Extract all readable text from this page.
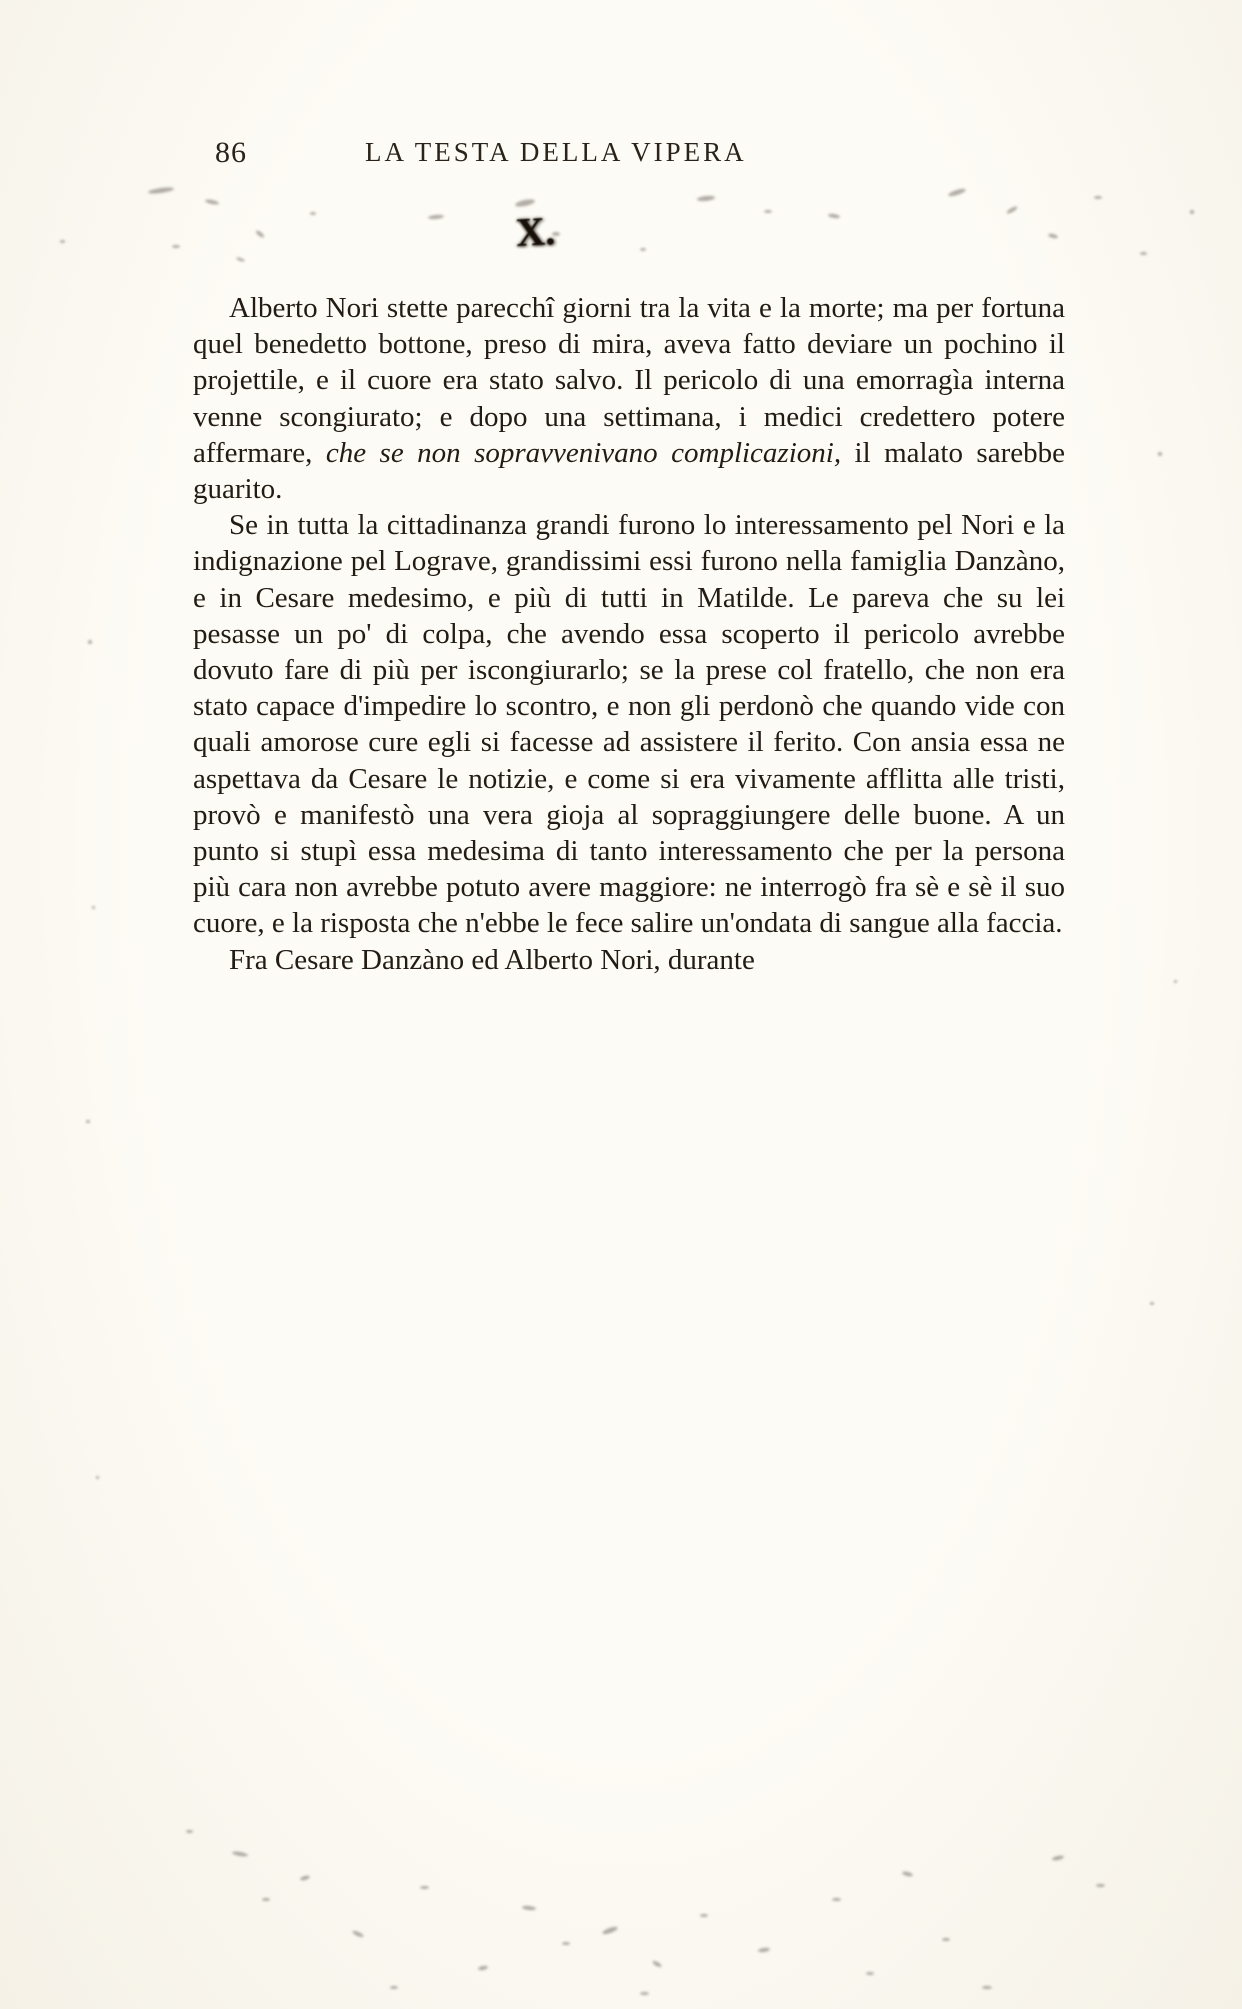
86	LA TESTA DELLA VIPERA
X.

Alberto Nori stette parecchî giorni tra la vita e la morte; ma per fortuna quel benedetto bottone, preso di mira, aveva fatto deviare un pochino il projettile, e il cuore era stato salvo. Il pericolo di una emorragìa interna venne scongiurato; e dopo una settimana, i medici credettero potere affermare, che se non sopravvenivano complicazioni, il malato sarebbe guarito.

Se in tutta la cittadinanza grandi furono lo interessamento pel Nori e la indignazione pel Lograve, grandissimi essi furono nella famiglia Danzàno, e in Cesare medesimo, e più di tutti in Matilde. Le pareva che su lei pesasse un po' di colpa, che avendo essa scoperto il pericolo avrebbe dovuto fare di più per iscongiurarlo; se la prese col fratello, che non era stato capace d'impedire lo scontro, e non gli perdonò che quando vide con quali amorose cure egli si facesse ad assistere il ferito. Con ansia essa ne aspettava da Cesare le notizie, e come si era vivamente afflitta alle tristi, provò e manifestò una vera gioja al sopraggiungere delle buone. A un punto si stupì essa medesima di tanto interessamento che per la persona più cara non avrebbe potuto avere maggiore: ne interrogò fra sè e sè il suo cuore, e la risposta che n'ebbe le fece salire un'ondata di sangue alla faccia.

Fra Cesare Danzàno ed Alberto Nori, durante
